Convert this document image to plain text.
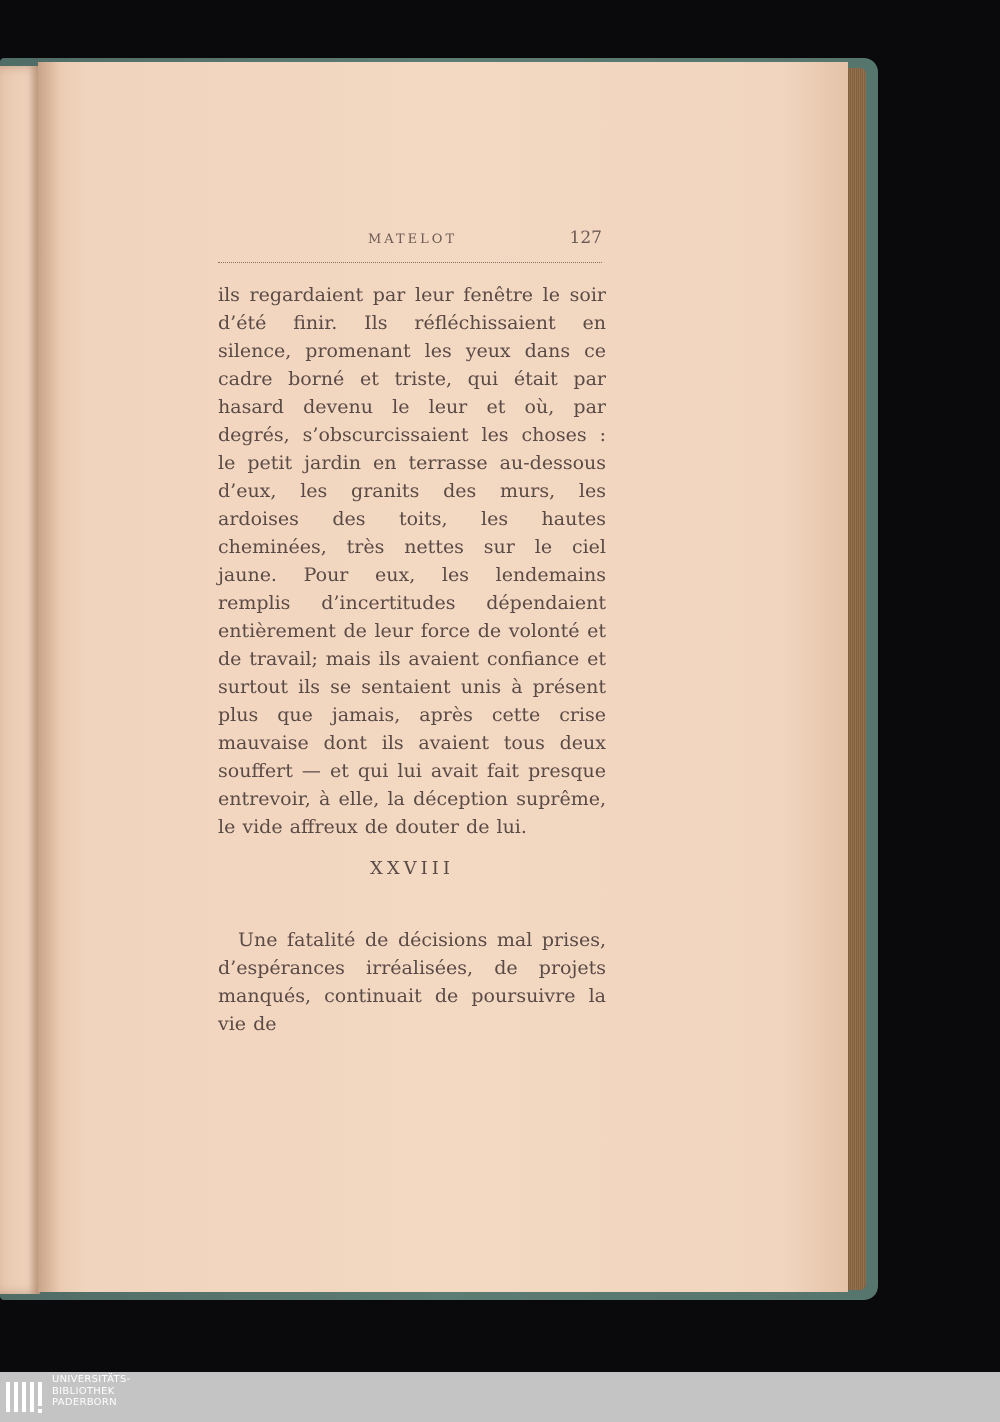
MATELOT	127

ils regardaient par leur fenêtre le soir d’été finir. Ils réfléchissaient en silence, promenant les yeux dans ce cadre borné et triste, qui était par hasard devenu le leur et où, par degrés, s’obscurcissaient les choses : le petit jardin en terrasse au-dessous d’eux, les granits des murs, les ardoises des toits, les hautes cheminées, très nettes sur le ciel jaune. Pour eux, les lendemains remplis d’incertitudes dépendaient entièrement de leur force de volonté et de travail; mais ils avaient confiance et surtout ils se sentaient unis à présent plus que jamais, après cette crise mauvaise dont ils avaient tous deux souffert — et qui lui avait fait presque entrevoir, à elle, la déception suprême, le vide affreux de douter de lui.

XXVIII

Une fatalité de décisions mal prises, d’espérances irréalisées, de projets manqués, continuait de poursuivre la vie de

UNIVERSITÄTS-
BIBLIOTHEK
PADERBORN
